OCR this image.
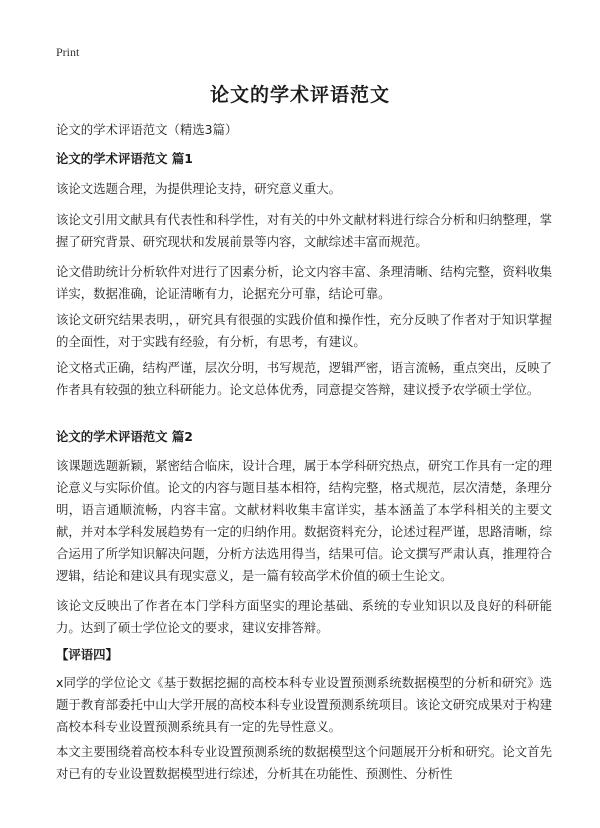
Print
论文的学术评语范文
论文的学术评语范文（精选3篇）
论文的学术评语范文 篇1
该论文选题合理，为提供理论支持，研究意义重大。
该论文引用文献具有代表性和科学性，对有关的中外文献材料进行综合分析和归纳整理，掌握了研究背景、研究现状和发展前景等内容，文献综述丰富而规范。
论文借助统计分析软件对进行了因素分析，论文内容丰富、条理清晰、结构完整，资料收集详实，数据准确，论证清晰有力，论据充分可靠，结论可靠。
该论文研究结果表明，，研究具有很强的实践价值和操作性，充分反映了作者对于知识掌握的全面性，对于实践有经验，有分析，有思考，有建议。
论文格式正确，结构严谨，层次分明，书写规范，逻辑严密，语言流畅，重点突出，反映了作者具有较强的独立科研能力。论文总体优秀，同意提交答辩，建议授予农学硕士学位。
论文的学术评语范文 篇2
该课题选题新颖，紧密结合临床，设计合理，属于本学科研究热点，研究工作具有一定的理论意义与实际价值。论文的内容与题目基本相符，结构完整，格式规范，层次清楚，条理分明，语言通顺流畅，内容丰富。文献材料收集丰富详实，基本涵盖了本学科相关的主要文献，并对本学科发展趋势有一定的归纳作用。数据资料充分，论述过程严谨，思路清晰，综合运用了所学知识解决问题，分析方法选用得当，结果可信。论文撰写严肃认真，推理符合逻辑，结论和建议具有现实意义，是一篇有较高学术价值的硕士生论文。
该论文反映出了作者在本门学科方面坚实的理论基础、系统的专业知识以及良好的科研能力。达到了硕士学位论文的要求，建议安排答辩。
【评语四】
x同学的学位论文《基于数据挖掘的高校本科专业设置预测系统数据模型的分析和研究》选题于教育部委托中山大学开展的高校本科专业设置预测系统项目。该论文研究成果对于构建高校本科专业设置预测系统具有一定的先导性意义。
本文主要围绕着高校本科专业设置预测系统的数据模型这个问题展开分析和研究。论文首先对已有的专业设置数据模型进行综述，分析其在功能性、预测性、分析性
